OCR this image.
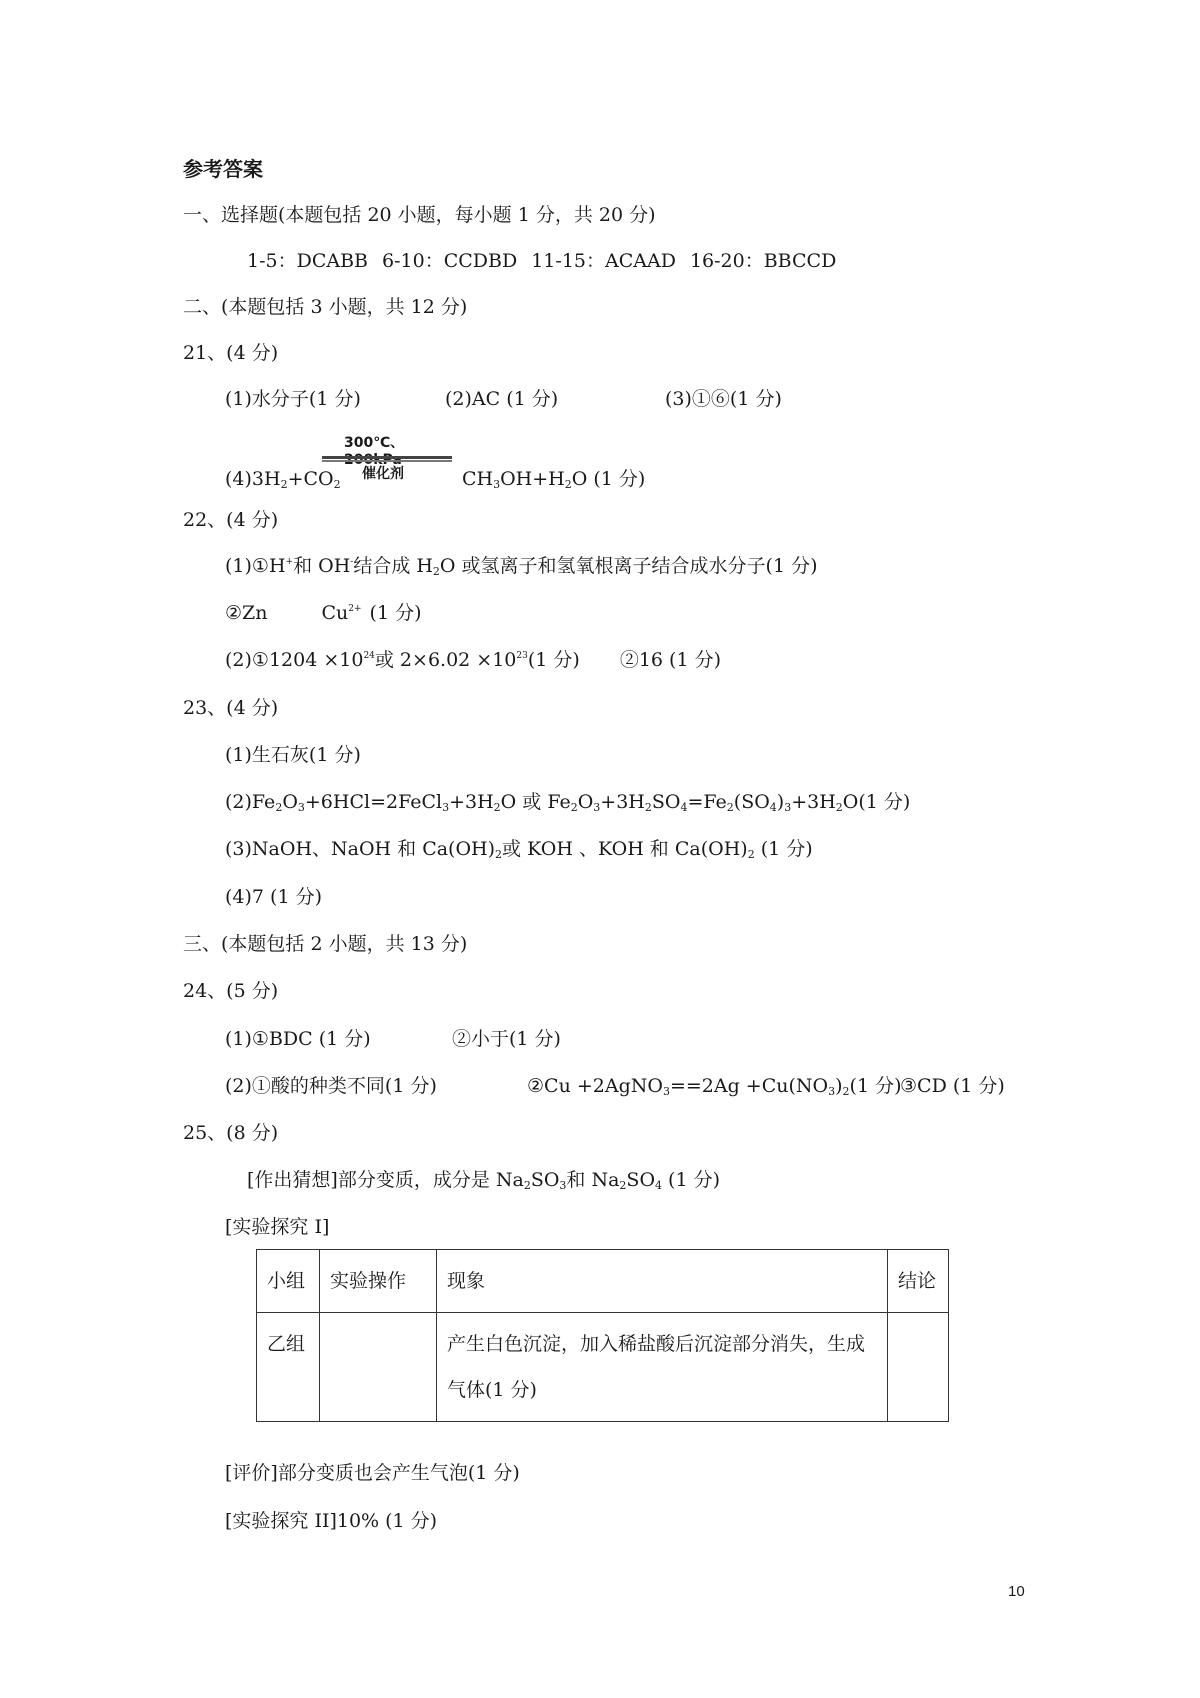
参考答案
一、选择题(本题包括 20 小题，每小题 1 分，共 20 分)
1-5：DCABB 6-10：CCDBD 11-15：ACAAD 16-20：BBCCD
二、(本题包括 3 小题，共 12 分)
21、(4 分)
(1)水分子(1 分)	(2)AC (1 分)	(3)①⑥(1 分)
300℃、
催化剂
$(4)3H_2+CO_2$	$CH_3OH+H_2O$ (1 分)
22、(4 分)
(1)①H+和 OH-结合成 $H_2O$ 或氢离子和氢氧根离子结合成水分子(1 分)
②Zn	$Cu^{2+}$ (1 分)
(2)①1204 $\times 10^{24}$或 $2\times 6.02 \times 10^{23}(1$ 分) ②16 (1 分)
23、(4 分)
(1)生石灰(1 分)
$(2)Fe_2O_3+6HCl=2FeCl_3+3H_2O$ 或 $Fe_2O_3+3H_2SO_4=Fe_2(SO_4)_3+3H_2O(1$ 分)
(3)NaOH、NaOH 和 $Ca(OH)_2$或 KOH 、KOH 和 $Ca(OH)_2$ (1 分)
(4)7 (1 分)
三、(本题包括 2 小题，共 13 分)
24、(5 分)
(1)①BDC (1 分)	②小于(1 分)
(2)①酸的种类不同(1 分)	②Cu +2AgNO$_3$==2Ag $+Cu(NO_3)_2(1$ 分)
③CD (1 分)
25、(8 分)
[作出猜想]部分变质，成分是 $Na_2SO_3$和 $Na_2SO_4$ (1 分)
[实验探究 I]
小组	实验操作	现象	结论
乙组		产生白色沉淀，加入稀盐酸后沉淀部分消失，生成气体(1 分)	
[评价]部分变质也会产生气泡(1 分)
[实验探究 II]10% (1 分)
10
